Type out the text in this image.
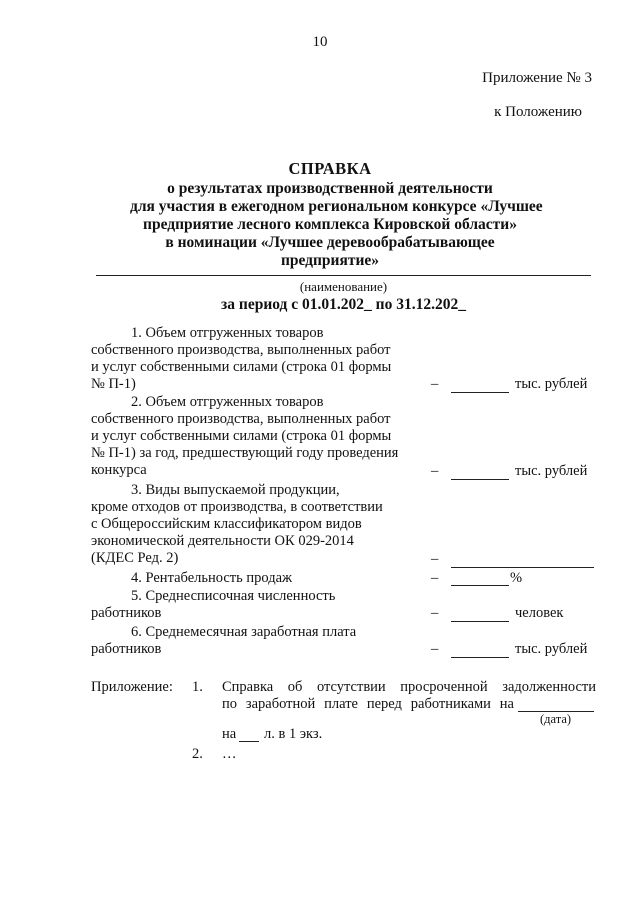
10
Приложение № 3
к Положению
СПРАВКА
о результатах производственной деятельности
для участия в ежегодном региональном конкурсе «Лучшее
предприятие лесного комплекса Кировской области»
в номинации «Лучшее деревообрабатывающее
предприятие»
(наименование)
за период с 01.01.202_ по 31.12.202_
1. Объем отгруженных товаров
собственного производства, выполненных работ
и услуг собственными силами (строка 01 формы
№ П-1)	–	тыс. рублей
2. Объем отгруженных товаров
собственного производства, выполненных работ
и услуг собственными силами (строка 01 формы
№ П-1) за год, предшествующий году проведения
конкурса	–	тыс. рублей
3. Виды выпускаемой продукции,
кроме отходов от производства, в соответствии
с Общероссийским классификатором видов
экономической деятельности ОК 029-2014
(КДЕС Ред. 2)	–
4. Рентабельность продаж	–	%
5. Среднесписочная численность
работников	–	человек
6. Среднемесячная заработная плата
работников	–	тыс. рублей
Приложение: 1. Справка об отсутствии просроченной задолженности
по заработной плате перед работниками на
(дата)
на л. в 1 экз.
2. …
